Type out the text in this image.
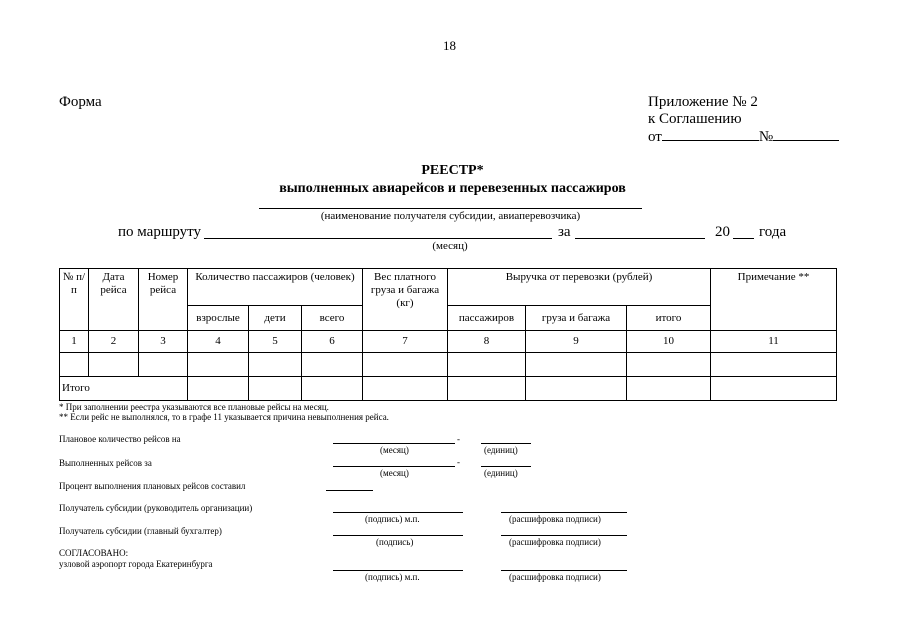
18
Форма	Приложение № 2
к Соглашению
от	№
РЕЕСТР*
выполненных авиарейсов и перевезенных пассажиров
(наименование получателя субсидии, авиаперевозчика)
по маршруту	за	20 года
(месяц)
№ п/п	Дата рейса	Номер рейса	Количество пассажиров (человек)			Вес платного груза и багажа (кг)	Выручка от перевозки (рублей)			Примечание **
			взрослые	дети	всего		пассажиров	груза и багажа	итого	
1	2	3	4	5	6	7	8	9	10	11

Итого										
* При заполнении реестра указываются все плановые рейсы на месяц.
** Если рейс не выполнялся, то в графе 11 указывается причина невыполнения рейса.
Плановое количество рейсов на	-
(месяц)	(единиц)
Выполненных рейсов за	-
(месяц)	(единиц)
Процент выполнения плановых рейсов составил
Получатель субсидии (руководитель организации)
(подпись) м.п.	(расшифровка подписи)
Получатель субсидии (главный бухгалтер)
(подпись)	(расшифровка подписи)
СОГЛАСОВАНО:
узловой аэропорт города Екатеринбурга
(подпись) м.п.	(расшифровка подписи)
